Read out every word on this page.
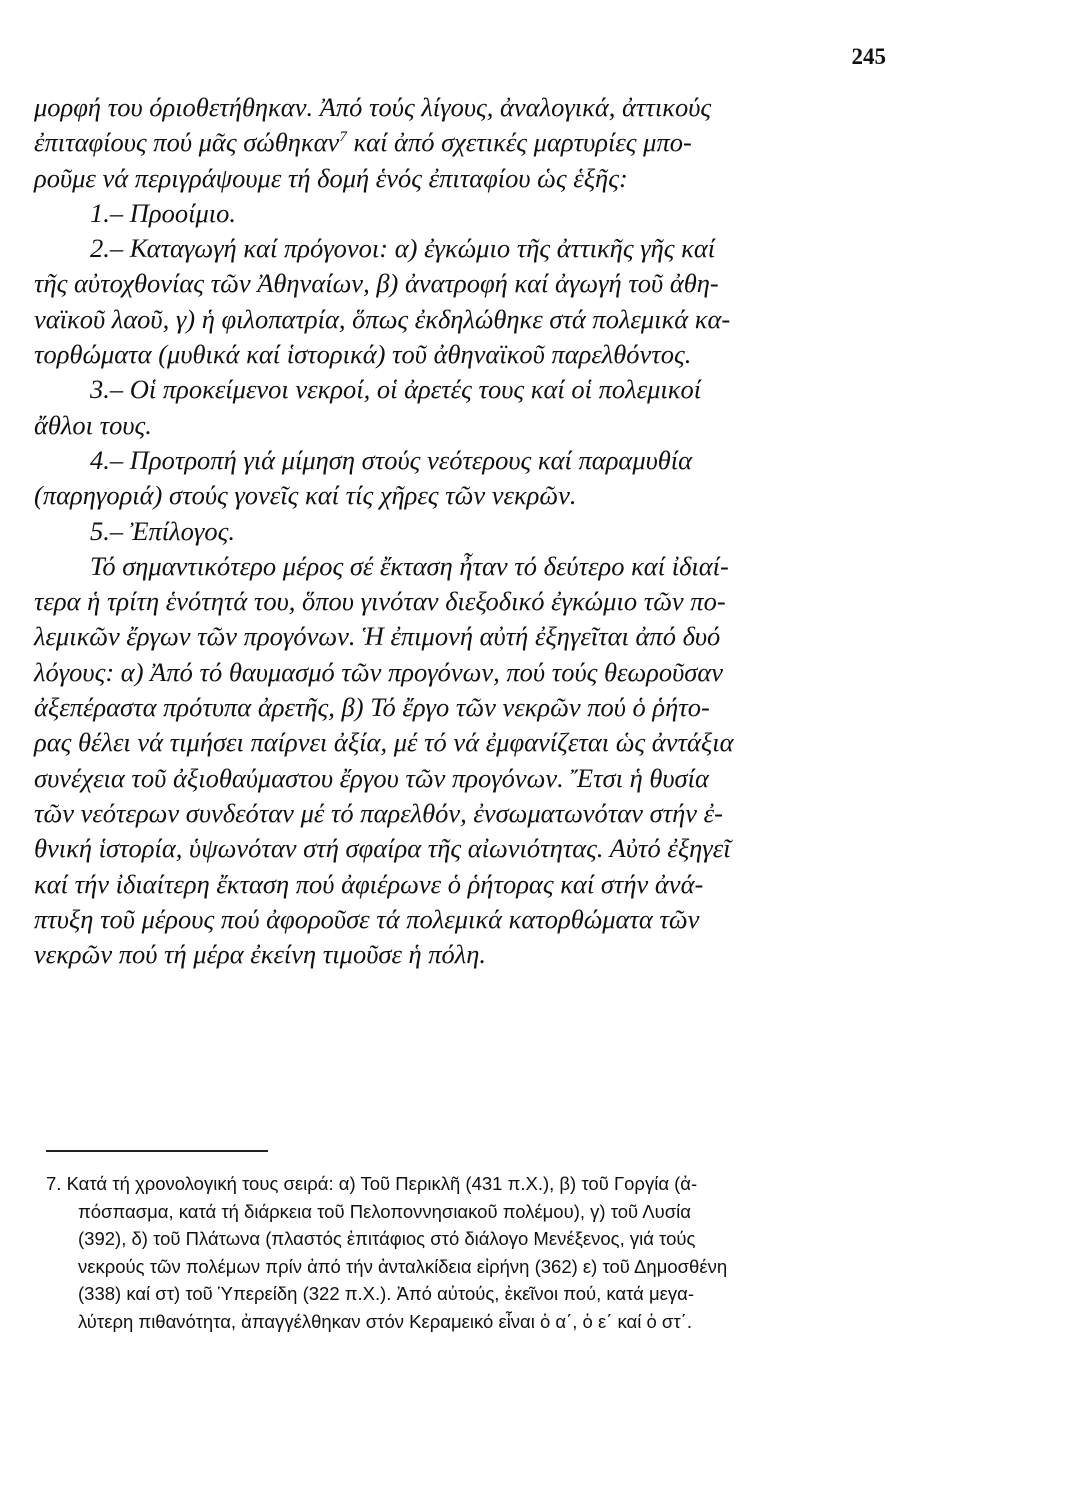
245
μορφή του όριοθετήθηκαν. Ἀπό τούς λίγους, ἀναλογικά, ἀττικούς
ἐπιταφίους πού μᾶς σώθηκαν$^7$ καί ἀπό σχετικές μαρτυρίες μπο-
ροῦμε νά περιγράψουμε τή δομή ἑνός ἐπιταφίου ὡς ἑξῆς:
1.– Προοίμιο.
2.– Καταγωγή καί πρόγονοι: α) ἐγκώμιο τῆς ἀττικῆς γῆς καί
τῆς αὐτοχθονίας τῶν Ἀθηναίων, β) ἀνατροφή καί ἀγωγή τοῦ ἀθη-
ναϊκοῦ λαοῦ, γ) ἡ φιλοπατρία, ὅπως ἐκδηλώθηκε στά πολεμικά κα-
τορθώματα (μυθικά καί ἱστορικά) τοῦ ἀθηναϊκοῦ παρελθόντος.
3.– Οἱ προκείμενοι νεκροί, οἱ ἀρετές τους καί οἱ πολεμικοί
ἄθλοι τους.
4.– Προτροπή γιά μίμηση στούς νεότερους καί παραμυθία
(παρηγοριά) στούς γονεῖς καί τίς χῆρες τῶν νεκρῶν.
5.– Ἐπίλογος.
Τό σημαντικότερο μέρος σέ ἔκταση ἦταν τό δεύτερο καί ἰδιαί-
τερα ἡ τρίτη ἑνότητά του, ὅπου γινόταν διεξοδικό ἐγκώμιο τῶν πο-
λεμικῶν ἔργων τῶν προγόνων. Ἡ ἐπιμονή αὐτή ἐξηγεῖται ἀπό δυό
λόγους: α) Ἀπό τό θαυμασμό τῶν προγόνων, πού τούς θεωροῦσαν
ἀξεπέραστα πρότυπα ἀρετῆς, β) Τό ἔργο τῶν νεκρῶν πού ὁ ῥήτο-
ρας θέλει νά τιμήσει παίρνει ἀξία, μέ τό νά ἐμφανίζεται ὡς ἀντάξια
συνέχεια τοῦ ἀξιοθαύμαστου ἔργου τῶν προγόνων. Ἔτσι ἡ θυσία
τῶν νεότερων συνδεόταν μέ τό παρελθόν, ἐνσωματωνόταν στήν ἐ-
θνική ἱστορία, ὑψωνόταν στή σφαίρα τῆς αἰωνιότητας. Αὐτό ἐξηγεῖ
καί τήν ἰδιαίτερη ἔκταση πού ἀφιέρωνε ὁ ῥήτορας καί στήν ἀνά-
πτυξη τοῦ μέρους πού ἀφοροῦσε τά πολεμικά κατορθώματα τῶν
νεκρῶν πού τή μέρα ἐκείνη τιμοῦσε ἡ πόλη.
7. Κατά τή χρονολογική τους σειρά: α) Τοῦ Περικλῆ (431 π.Χ.), β) τοῦ Γοργία (ἀ-
πόσπασμα, κατά τή διάρκεια τοῦ Πελοποννησιακοῦ πολέμου), γ) τοῦ Λυσία
(392), δ) τοῦ Πλάτωνα (πλαστός ἐπιτάφιος στό διάλογο Μενέξενος, γιά τούς
νεκρούς τῶν πολέμων πρίν ἀπό τήν ἀνταλκίδεια εἰρήνη (362) ε) τοῦ Δημοσθένη
(338) καί στ) τοῦ Ὑπερείδη (322 π.Χ.). Ἀπό αὐτούς, ἐκεῖνοι πού, κατά μεγα-
λύτερη πιθανότητα, ἀπαγγέλθηκαν στόν Κεραμεικό εἶναι ὁ α΄, ὁ ε΄ καί ὁ στ΄.
